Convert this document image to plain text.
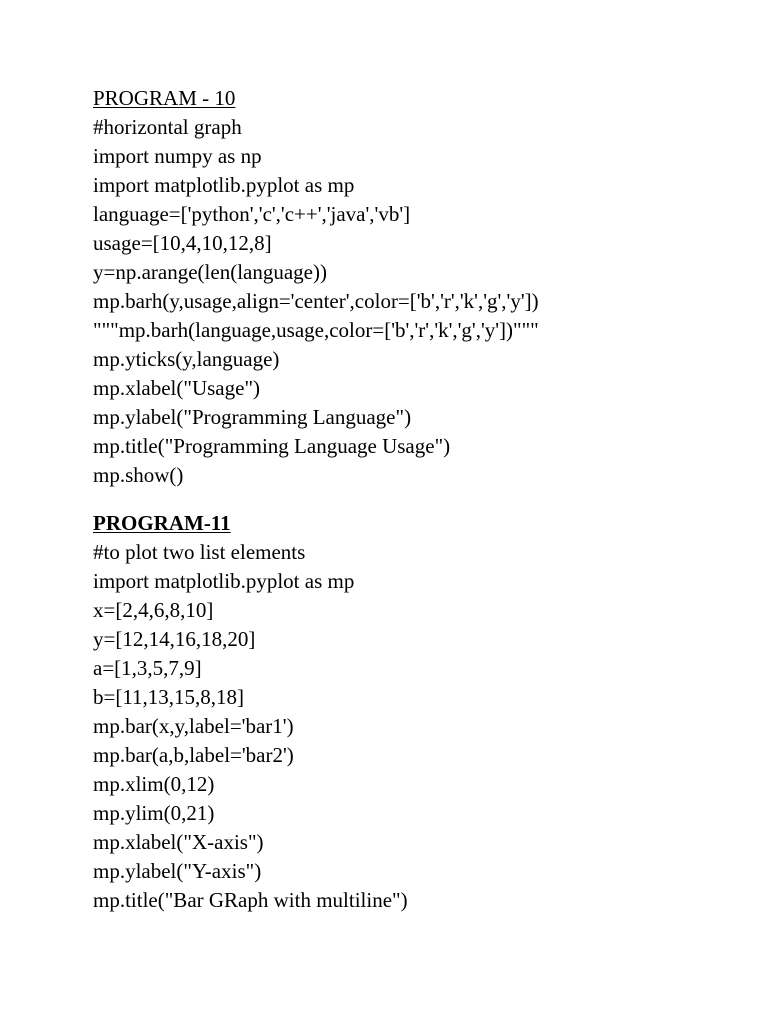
PROGRAM - 10
#horizontal graph
import numpy as np
import matplotlib.pyplot as mp
language=['python','c','c++','java','vb']
usage=[10,4,10,12,8]
y=np.arange(len(language))
mp.barh(y,usage,align='center',color=['b','r','k','g','y'])
"""mp.barh(language,usage,color=['b','r','k','g','y'])"""
mp.yticks(y,language)
mp.xlabel("Usage")
mp.ylabel("Programming Language")
mp.title("Programming Language Usage")
mp.show()
PROGRAM-11
#to plot two list elements
import matplotlib.pyplot as mp
x=[2,4,6,8,10]
y=[12,14,16,18,20]
a=[1,3,5,7,9]
b=[11,13,15,8,18]
mp.bar(x,y,label='bar1')
mp.bar(a,b,label='bar2')
mp.xlim(0,12)
mp.ylim(0,21)
mp.xlabel("X-axis")
mp.ylabel("Y-axis")
mp.title("Bar GRaph with multiline")
